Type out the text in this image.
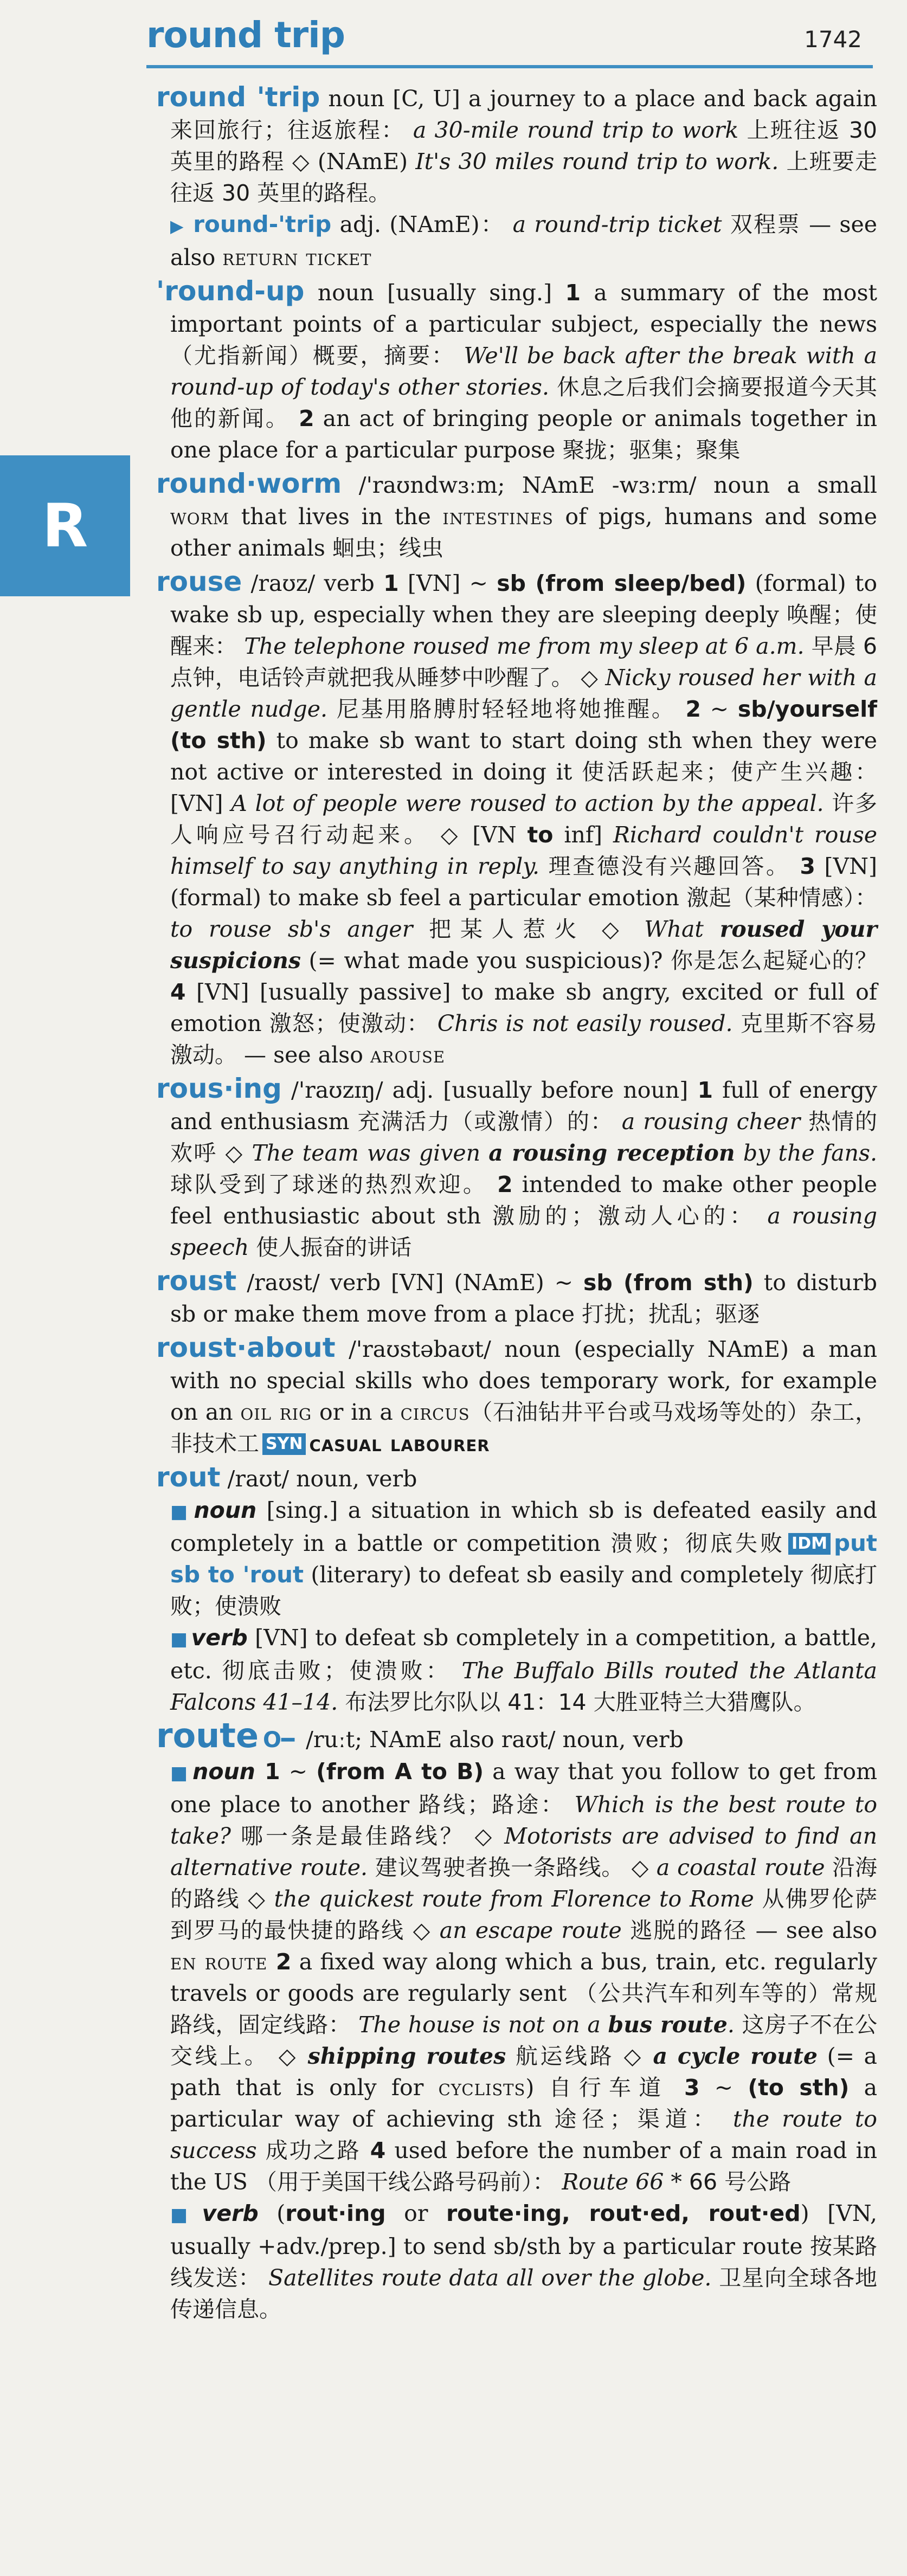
round trip	1742
R
round 'trip noun [C, U] a journey to a place and back again 来回旅行；往返旅程： a 30-mile round trip to work 上班往返 30 英里的路程 ◇ (NAmE) It's 30 miles round trip to work. 上班要走往返 30 英里的路程。
▶ round-'trip adj. (NAmE)： a round-trip ticket 双程票 — see also return ticket
'round-up noun [usually sing.] 1 a summary of the most important points of a particular subject, especially the news （尤指新闻）概要，摘要： We'll be back after the break with a round-up of today's other stories. 休息之后我们会摘要报道今天其他的新闻。 2 an act of bringing people or animals together in one place for a particular purpose 聚拢；驱集；聚集
round·worm /'raʊndwɜːm; NAmE -wɜːrm/ noun a small worm that lives in the intestines of pigs, humans and some other animals 蛔虫；线虫
rouse /raʊz/ verb 1 [VN] ~ sb (from sleep/bed) (formal) to wake sb up, especially when they are sleeping deeply 唤醒；使醒来： The telephone roused me from my sleep at 6 a.m. 早晨 6 点钟，电话铃声就把我从睡梦中吵醒了。 ◇ Nicky roused her with a gentle nudge. 尼基用胳膊肘轻轻地将她推醒。 2 ~ sb/yourself (to sth) to make sb want to start doing sth when they were not active or interested in doing it 使活跃起来；使产生兴趣： [VN] A lot of people were roused to action by the appeal. 许多人响应号召行动起来。 ◇ [VN to inf] Richard couldn't rouse himself to say anything in reply. 理查德没有兴趣回答。 3 [VN] (formal) to make sb feel a particular emotion 激起（某种情感）： to rouse sb's anger 把某人惹火 ◇ What roused your suspicions (= what made you suspicious)? 你是怎么起疑心的？ 4 [VN] [usually passive] to make sb angry, excited or full of emotion 激怒；使激动： Chris is not easily roused. 克里斯不容易激动。 — see also arouse
rous·ing /'raʊzɪŋ/ adj. [usually before noun] 1 full of energy and enthusiasm 充满活力（或激情）的： a rousing cheer 热情的欢呼 ◇ The team was given a rousing reception by the fans. 球队受到了球迷的热烈欢迎。 2 intended to make other people feel enthusiastic about sth 激励的；激动人心的： a rousing speech 使人振奋的讲话
roust /raʊst/ verb [VN] (NAmE) ~ sb (from sth) to disturb sb or make them move from a place 打扰；扰乱；驱逐
roust·about /'raʊstəbaʊt/ noun (especially NAmE) a man with no special skills who does temporary work, for example on an oil rig or in a circus（石油钻井平台或马戏场等处的）杂工，非技术工 SYN casual labourer
rout /raʊt/ noun, verb
■ noun [sing.] a situation in which sb is defeated easily and completely in a battle or competition 溃败；彻底失败 IDM put sb to 'rout (literary) to defeat sb easily and completely 彻底打败；使溃败
■ verb [VN] to defeat sb completely in a competition, a battle, etc. 彻底击败；使溃败： The Buffalo Bills routed the Atlanta Falcons 41–14. 布法罗比尔队以 41：14 大胜亚特兰大猎鹰队。
route O━ /ruːt; NAmE also raʊt/ noun, verb
■ noun 1 ~ (from A to B) a way that you follow to get from one place to another 路线；路途： Which is the best route to take? 哪一条是最佳路线？ ◇ Motorists are advised to find an alternative route. 建议驾驶者换一条路线。 ◇ a coastal route 沿海的路线 ◇ the quickest route from Florence to Rome 从佛罗伦萨到罗马的最快捷的路线 ◇ an escape route 逃脱的路径 — see also en route 2 a fixed way along which a bus, train, etc. regularly travels or goods are regularly sent （公共汽车和列车等的）常规路线，固定线路： The house is not on a bus route. 这房子不在公交线上。 ◇ shipping routes 航运线路 ◇ a cycle route (= a path that is only for cyclists) 自行车道 3 ~ (to sth) a particular way of achieving sth 途径；渠道： the route to success 成功之路 4 used before the number of a main road in the US （用于美国干线公路号码前）： Route 66 * 66 号公路
■ verb (rout·ing or route·ing, rout·ed, rout·ed) [VN, usually +adv./prep.] to send sb/sth by a particular route 按某路线发送： Satellites route data all over the globe. 卫星向全球各地传递信息。
